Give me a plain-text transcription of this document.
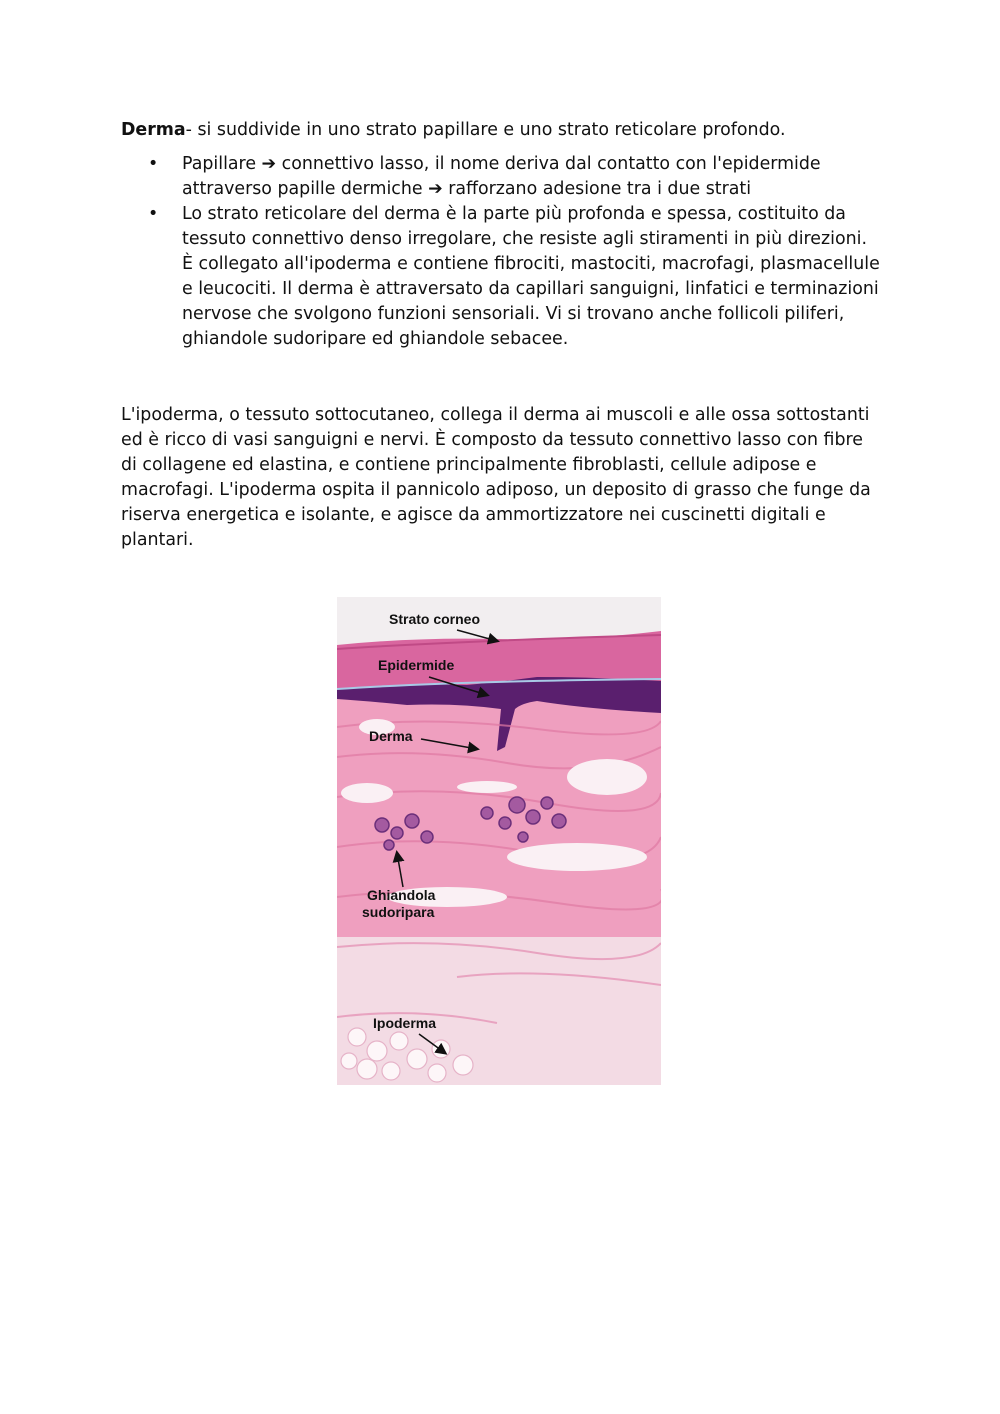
Derma- si suddivide in uno strato papillare e uno strato reticolare profondo.

• Papillare ➔ connettivo lasso, il nome deriva dal contatto con l'epidermide attraverso papille dermiche ➔ rafforzano adesione tra i due strati
• Lo strato reticolare del derma è la parte più profonda e spessa, costituito da tessuto connettivo denso irregolare, che resiste agli stiramenti in più direzioni. È collegato all'ipoderma e contiene fibrociti, mastociti, macrofagi, plasmacellule e leucociti. Il derma è attraversato da capillari sanguigni, linfatici e terminazioni nervose che svolgono funzioni sensoriali. Vi si trovano anche follicoli piliferi, ghiandole sudoripare ed ghiandole sebacee.

L'ipoderma, o tessuto sottocutaneo, collega il derma ai muscoli e alle ossa sottostanti ed è ricco di vasi sanguigni e nervi. È composto da tessuto connettivo lasso con fibre di collagene ed elastina, e contiene principalmente fibroblasti, cellule adipose e macrofagi. L'ipoderma ospita il pannicolo adiposo, un deposito di grasso che funge da riserva energetica e isolante, e agisce da ammortizzatore nei cuscinetti digitali e plantari.

Strato corneo
Epidermide
Derma
Ghiandola
sudoripara
Ipoderma
